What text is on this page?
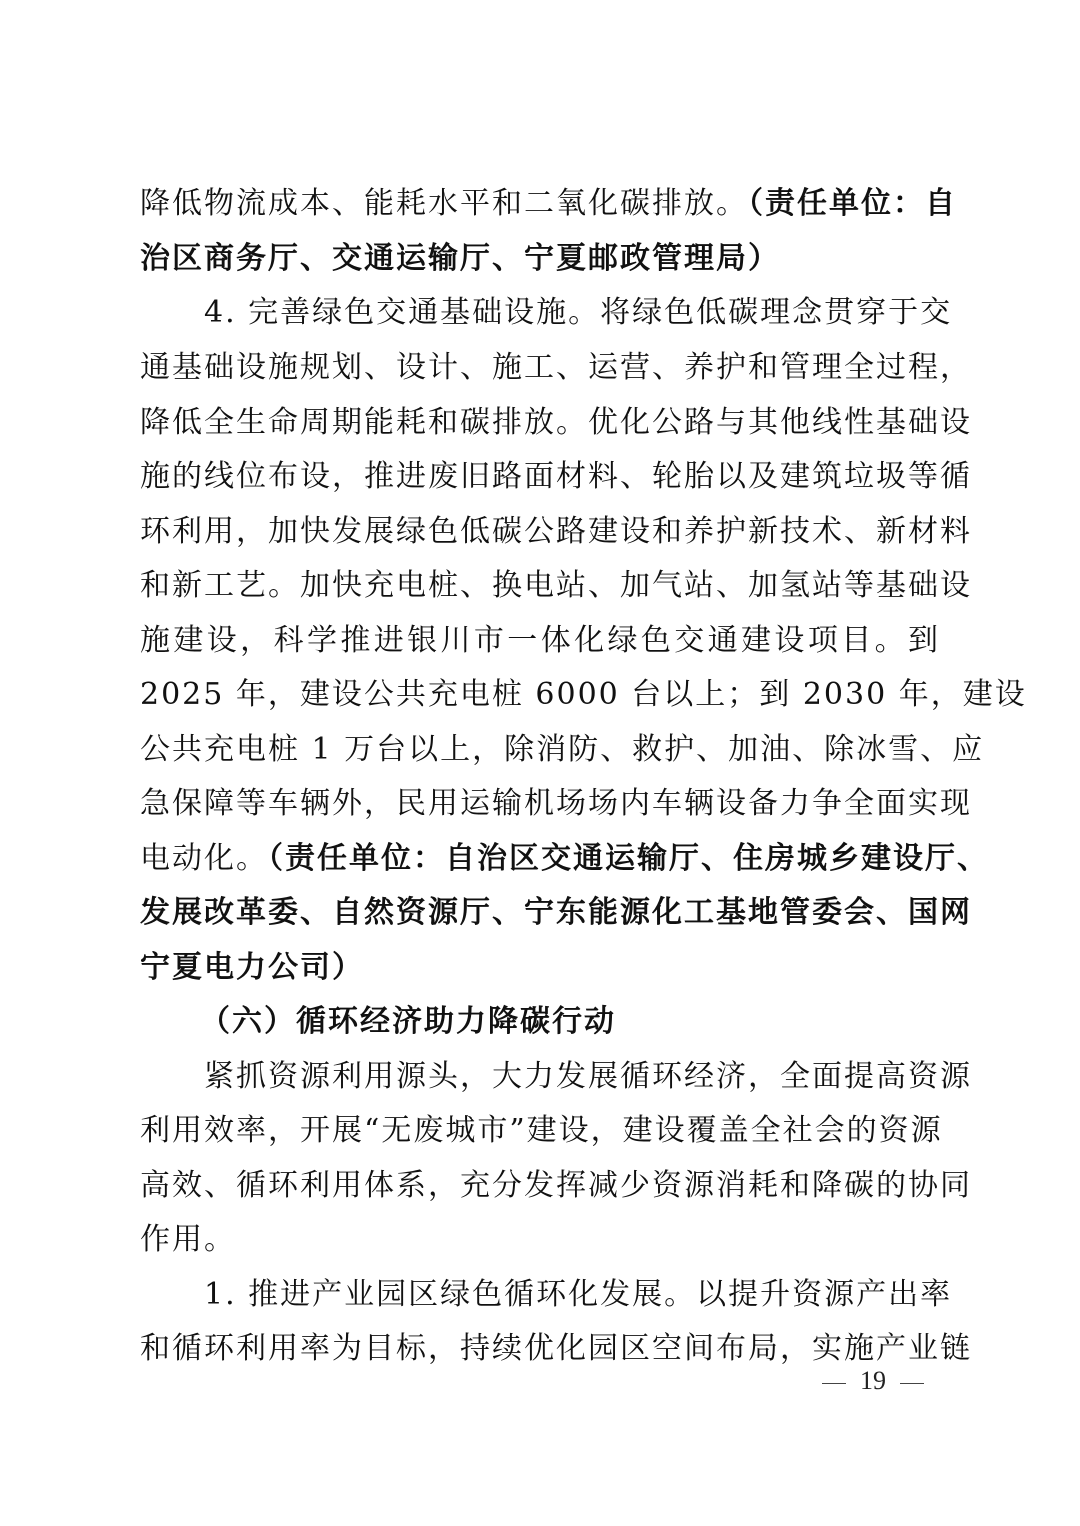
降低物流成本、能耗水平和二氧化碳排放。（责任单位：自
治区商务厅、交通运输厅、宁夏邮政管理局）
4. 完善绿色交通基础设施。将绿色低碳理念贯穿于交
通基础设施规划、设计、施工、运营、养护和管理全过程，
降低全生命周期能耗和碳排放。优化公路与其他线性基础设
施的线位布设，推进废旧路面材料、轮胎以及建筑垃圾等循
环利用，加快发展绿色低碳公路建设和养护新技术、新材料
和新工艺。加快充电桩、换电站、加气站、加氢站等基础设
施建设，科学推进银川市一体化绿色交通建设项目。到
2025 年，建设公共充电桩 6000 台以上；到 2030 年，建设
公共充电桩 1 万台以上，除消防、救护、加油、除冰雪、应
急保障等车辆外，民用运输机场场内车辆设备力争全面实现
电动化。（责任单位：自治区交通运输厅、住房城乡建设厅、
发展改革委、自然资源厅、宁东能源化工基地管委会、国网
宁夏电力公司）
（六）循环经济助力降碳行动
紧抓资源利用源头，大力发展循环经济，全面提高资源
利用效率，开展“无废城市”建设，建设覆盖全社会的资源
高效、循环利用体系，充分发挥减少资源消耗和降碳的协同
作用。
1. 推进产业园区绿色循环化发展。以提升资源产出率
和循环利用率为目标，持续优化园区空间布局，实施产业链
19
